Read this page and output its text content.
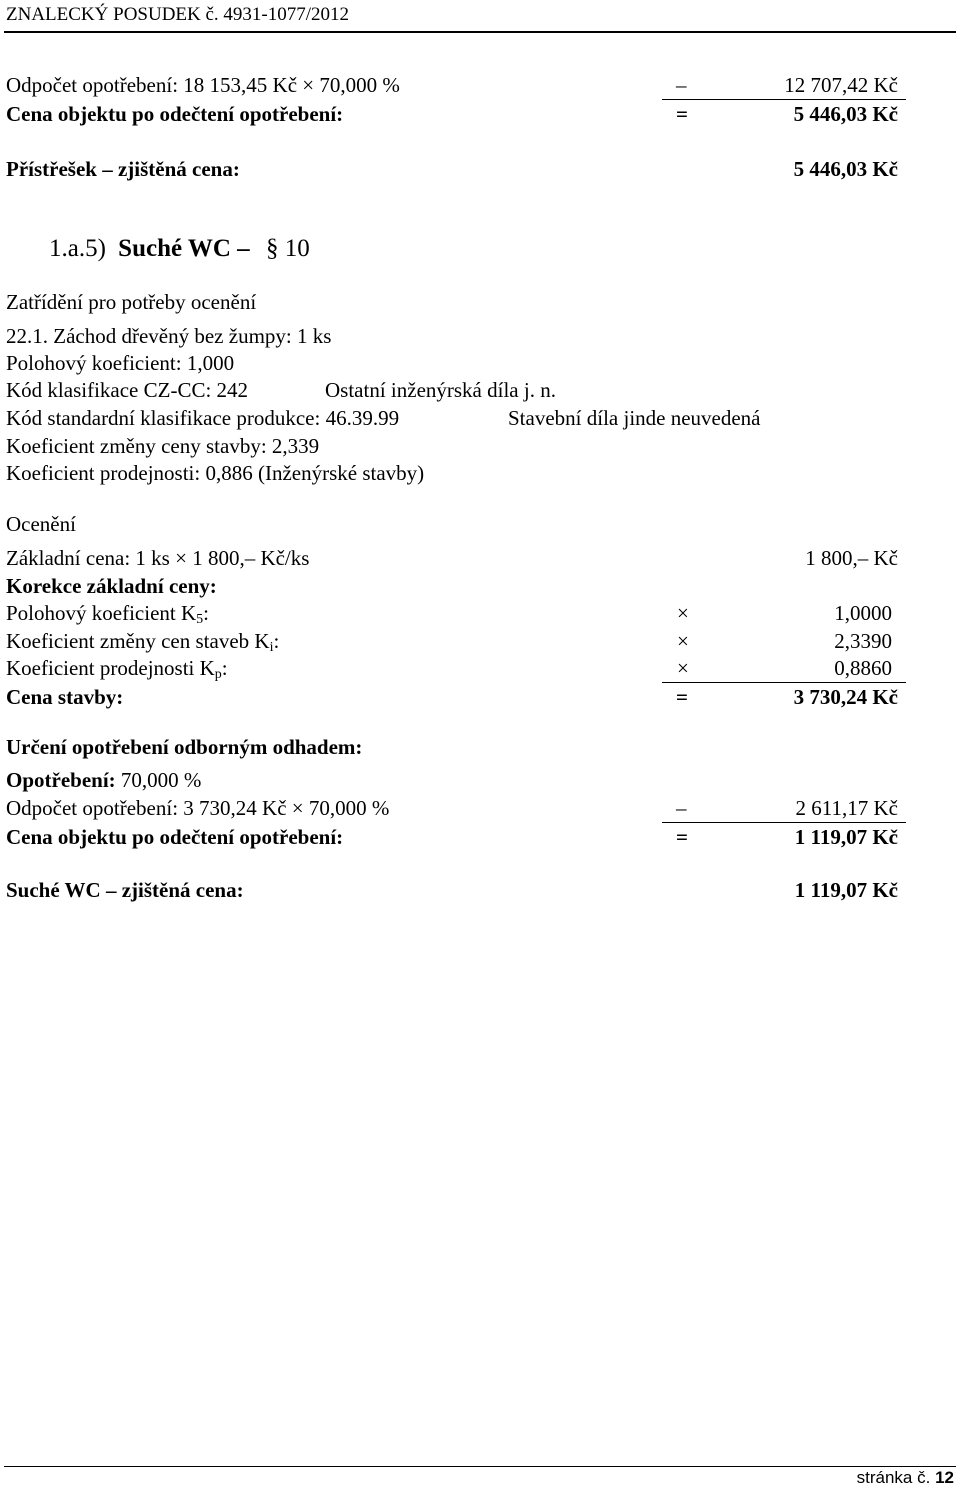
ZNALECKÝ POSUDEK č. 4931-1077/2012
Odpočet opotřebení: 18 153,45 Kč × 70,000 %	–	12 707,42 Kč
Cena objektu po odečtení opotřebení:	=	5 446,03 Kč
Přístřešek – zjištěná cena:	5 446,03 Kč
1.a.5) Suché WC – § 10
Zatřídění pro potřeby ocenění
22.1. Záchod dřevěný bez žumpy: 1 ks
Polohový koeficient: 1,000
Kód klasifikace CZ-CC: 242	Ostatní inženýrská díla j. n.
Kód standardní klasifikace produkce: 46.39.99	Stavební díla jinde neuvedená
Koeficient změny ceny stavby: 2,339
Koeficient prodejnosti: 0,886 (Inženýrské stavby)
Ocenění
Základní cena: 1 ks × 1 800,– Kč/ks	1 800,– Kč
Korekce základní ceny:
Polohový koeficient $K_5$:	×	1,0000
Koeficient změny cen staveb $K_i$:	×	2,3390
Koeficient prodejnosti $K_p$:	×	0,8860
Cena stavby:	=	3 730,24 Kč
Určení opotřebení odborným odhadem:
Opotřebení: 70,000 %
Odpočet opotřebení: 3 730,24 Kč × 70,000 %	–	2 611,17 Kč
Cena objektu po odečtení opotřebení:	=	1 119,07 Kč
Suché WC – zjištěná cena:	1 119,07 Kč
stránka č. 12
